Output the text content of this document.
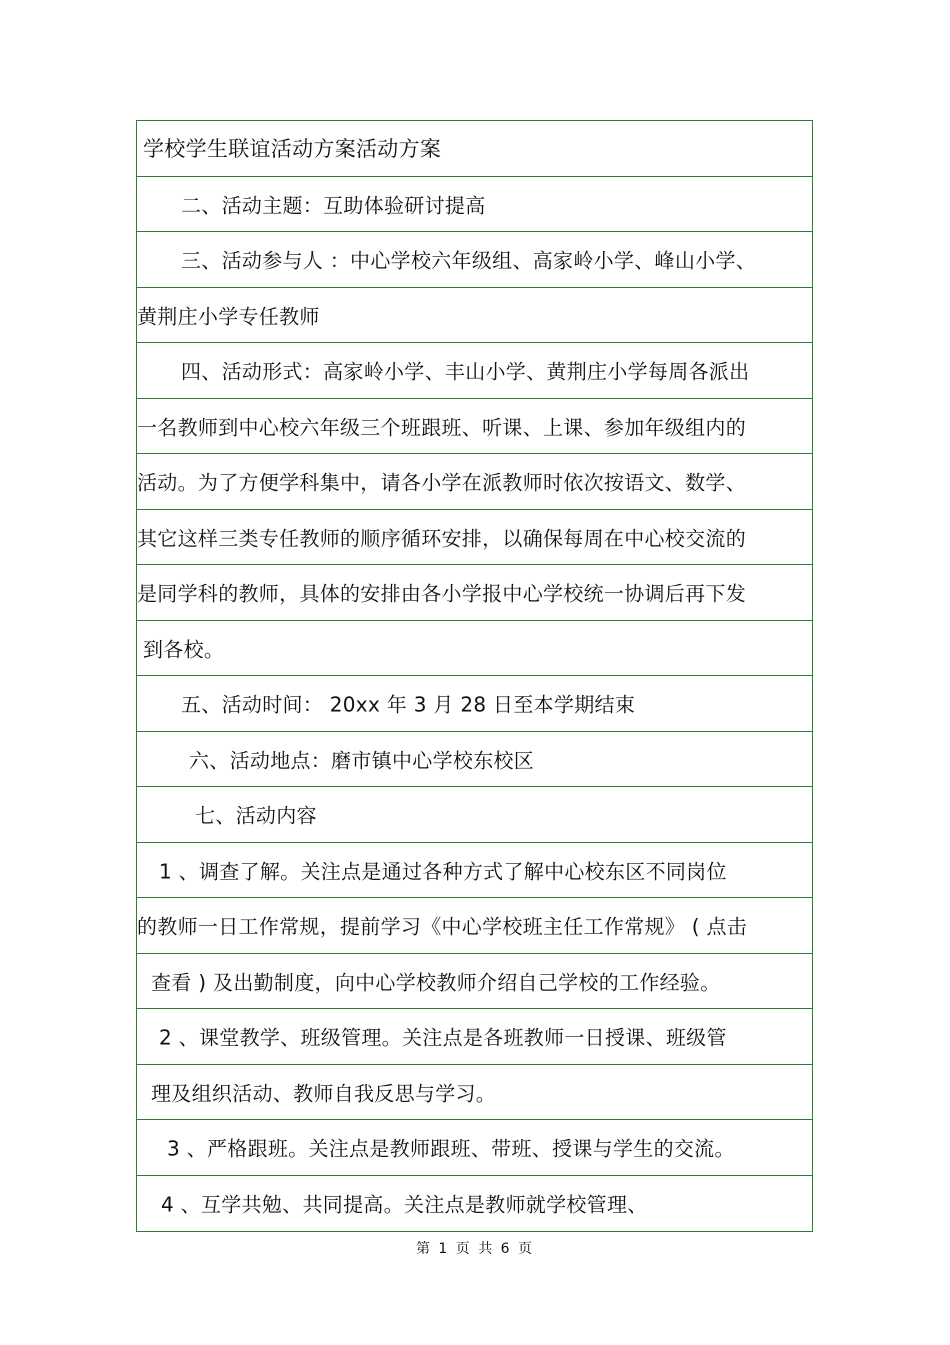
学校学生联谊活动方案活动方案
二、活动主题：互助体验研讨提高
三、活动参与人 ：中心学校六年级组、高家岭小学、峰山小学、
黄荆庄小学专任教师
四、活动形式：高家岭小学、丰山小学、黄荆庄小学每周各派出
一名教师到中心校六年级三个班跟班、听课、上课、参加年级组内的
活动。为了方便学科集中，请各小学在派教师时依次按语文、数学、
其它这样三类专任教师的顺序循环安排，以确保每周在中心校交流的
是同学科的教师，具体的安排由各小学报中心学校统一协调后再下发
到各校。
五、活动时间： 20xx 年 3 月 28 日至本学期结束
六、活动地点：磨市镇中心学校东校区
七、活动内容
1 、调查了解。关注点是通过各种方式了解中心校东区不同岗位
的教师一日工作常规，提前学习《中心学校班主任工作常规》 ( 点击
查看 ) 及出勤制度，向中心学校教师介绍自己学校的工作经验。
2 、课堂教学、班级管理。关注点是各班教师一日授课、班级管
理及组织活动、教师自我反思与学习。
3 、严格跟班。关注点是教师跟班、带班、授课与学生的交流。
4 、互学共勉、共同提高。关注点是教师就学校管理、
第 1 页 共 6 页
